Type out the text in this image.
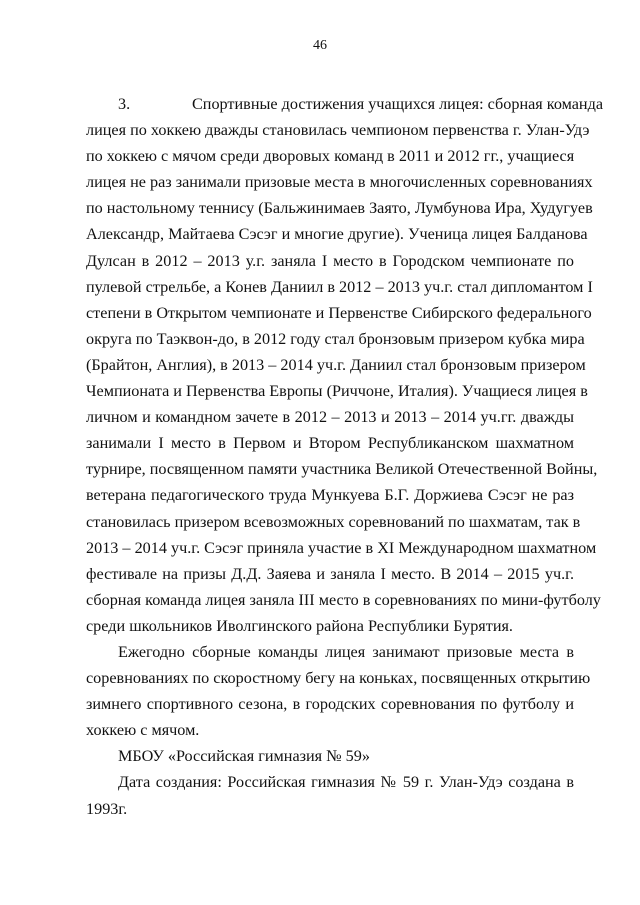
46
3.	Спортивные достижения учащихся лицея: сборная команда
лицея по хоккею дважды становилась чемпионом первенства г. Улан-Удэ
по хоккею с мячом среди дворовых команд в 2011 и 2012 гг., учащиеся
лицея не раз занимали призовые места в многочисленных соревнованиях
по настольному теннису (Бальжинимаев Заято, Лумбунова Ира, Худугуев
Александр, Майтаева Сэсэг и многие другие). Ученица лицея Балданова
Дулсан в 2012 – 2013 у.г. заняла I место в Городском чемпионате по
пулевой стрельбе, а Конев Даниил в 2012 – 2013 уч.г. стал дипломантом I
степени в Открытом чемпионате и Первенстве Сибирского федерального
округа по Таэквон-до, в 2012 году стал бронзовым призером кубка мира
(Брайтон, Англия), в 2013 – 2014 уч.г. Даниил стал бронзовым призером
Чемпионата и Первенства Европы (Риччоне, Италия). Учащиеся лицея в
личном и командном зачете в 2012 – 2013 и 2013 – 2014 уч.гг. дважды
занимали I место в Первом и Втором Республиканском шахматном
турнире, посвященном памяти участника Великой Отечественной Войны,
ветерана педагогического труда Мункуева Б.Г. Доржиева Сэсэг не раз
становилась призером всевозможных соревнований по шахматам, так в
2013 – 2014 уч.г. Сэсэг приняла участие в XI Международном шахматном
фестивале на призы Д.Д. Заяева и заняла I место. В 2014 – 2015 уч.г.
сборная команда лицея заняла III место в соревнованиях по мини-футболу
среди школьников Иволгинского района Республики Бурятия.
Ежегодно сборные команды лицея занимают призовые места в
соревнованиях по скоростному бегу на коньках, посвященных открытию
зимнего спортивного сезона, в городских соревнования по футболу и
хоккею с мячом.
МБОУ «Российская гимназия № 59»
Дата создания: Российская гимназия № 59 г. Улан-Удэ создана в
1993г.
